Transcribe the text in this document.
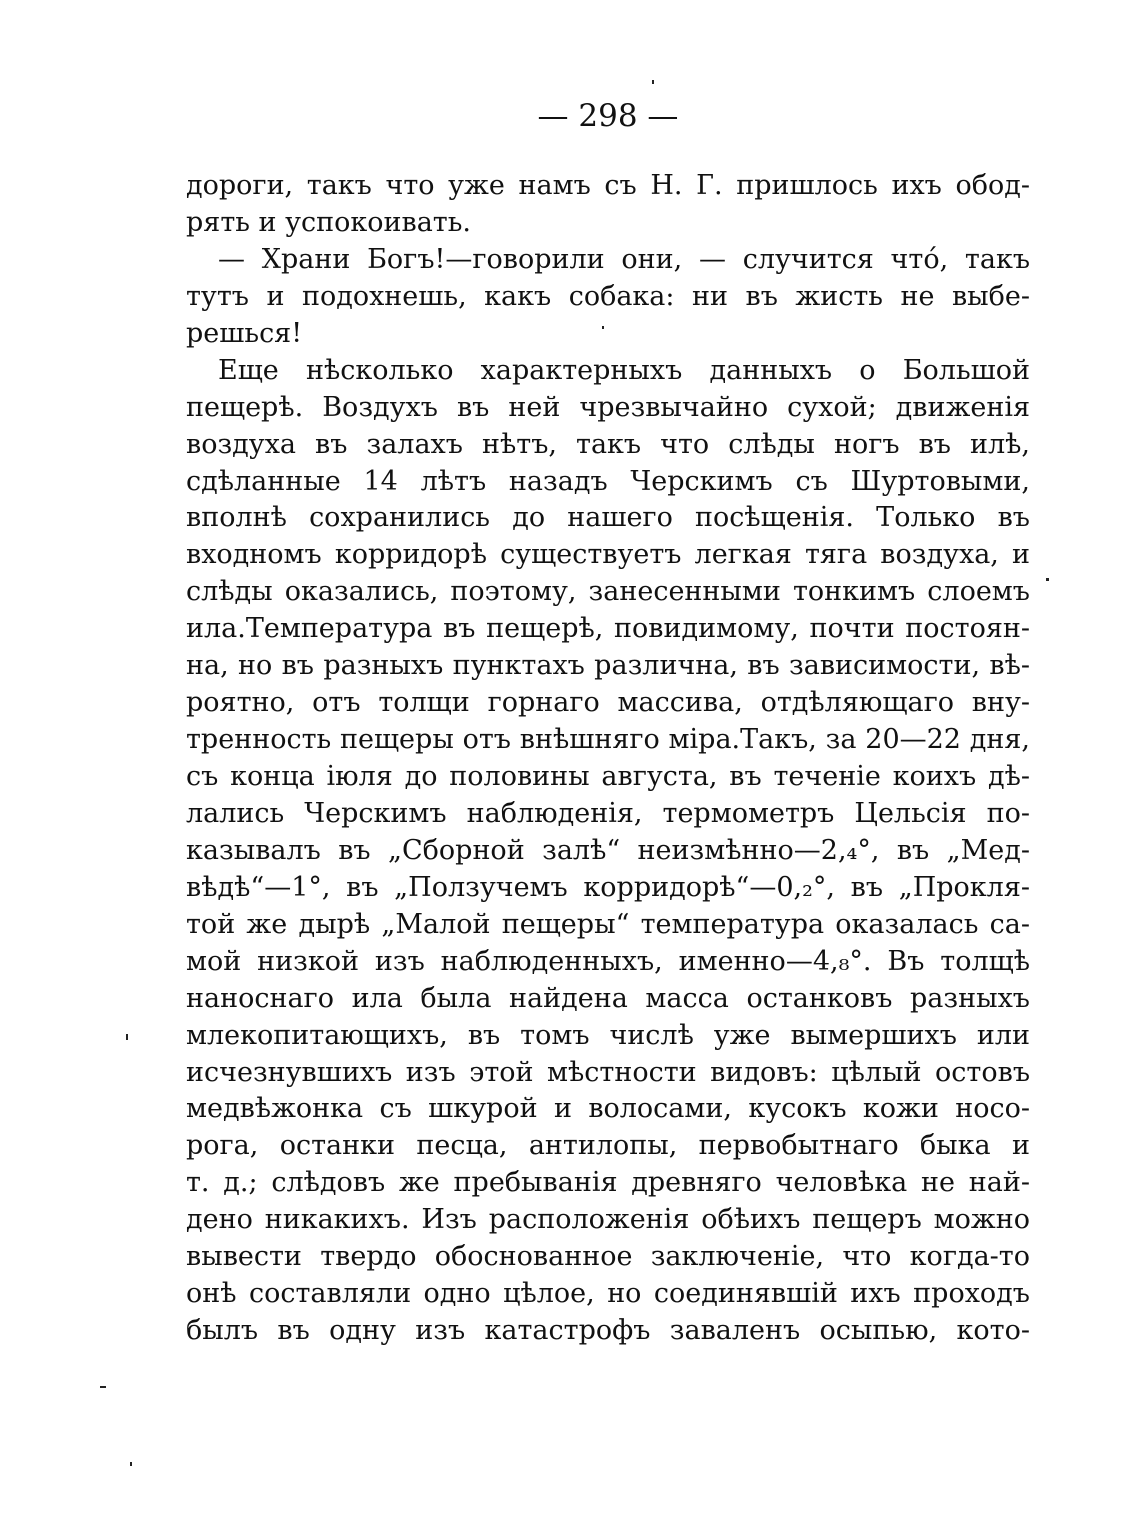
— 298 —
дороги, такъ что уже намъ съ Н. Г. пришлось ихъ обод-
рять и успокоивать.
— Храни Богъ!—говорили они, — случится чтó, такъ
тутъ и подохнешь, какъ собака: ни въ жисть не выбе-
решься!
Еще нѣсколько характерныхъ данныхъ о Большой
пещерѣ. Воздухъ въ ней чрезвычайно сухой; движенія
воздуха въ залахъ нѣтъ, такъ что слѣды ногъ въ илѣ,
сдѣланные 14 лѣтъ назадъ Черскимъ съ Шуртовыми,
вполнѣ сохранились до нашего посѣщенія. Только въ
входномъ корридорѣ существуетъ легкая тяга воздуха, и
слѣды оказались, поэтому, занесенными тонкимъ слоемъ
ила.Температура въ пещерѣ, повидимому, почти постоян-
на, но въ разныхъ пунктахъ различна, въ зависимости, вѣ-
роятно, отъ толщи горнаго массива, отдѣляющаго вну-
тренность пещеры отъ внѣшняго міра.Такъ, за 20—22 дня,
съ конца іюля до половины августа, въ теченіе коихъ дѣ-
лались Черскимъ наблюденія, термометръ Цельсія по-
казывалъ въ „Сборной залѣ“ неизмѣнно—2,₄°, въ „Мед-
вѣдѣ“—1°, въ „Ползучемъ корридорѣ“—0,₂°, въ „Прокля-
той же дырѣ „Малой пещеры“ температура оказалась са-
мой низкой изъ наблюденныхъ, именно—4,₈°. Въ толщѣ
наноснаго ила была найдена масса останковъ разныхъ
млекопитающихъ, въ томъ числѣ уже вымершихъ или
исчезнувшихъ изъ этой мѣстности видовъ: цѣлый остовъ
медвѣжонка съ шкурой и волосами, кусокъ кожи носо-
рога, останки песца, антилопы, первобытнаго быка и
т. д.; слѣдовъ же пребыванія древняго человѣка не най-
дено никакихъ. Изъ расположенія обѣихъ пещеръ можно
вывести твердо обоснованное заключеніе, что когда-то
онѣ составляли одно цѣлое, но соединявшій ихъ проходъ
былъ въ одну изъ катастрофъ заваленъ осыпью, кото-
